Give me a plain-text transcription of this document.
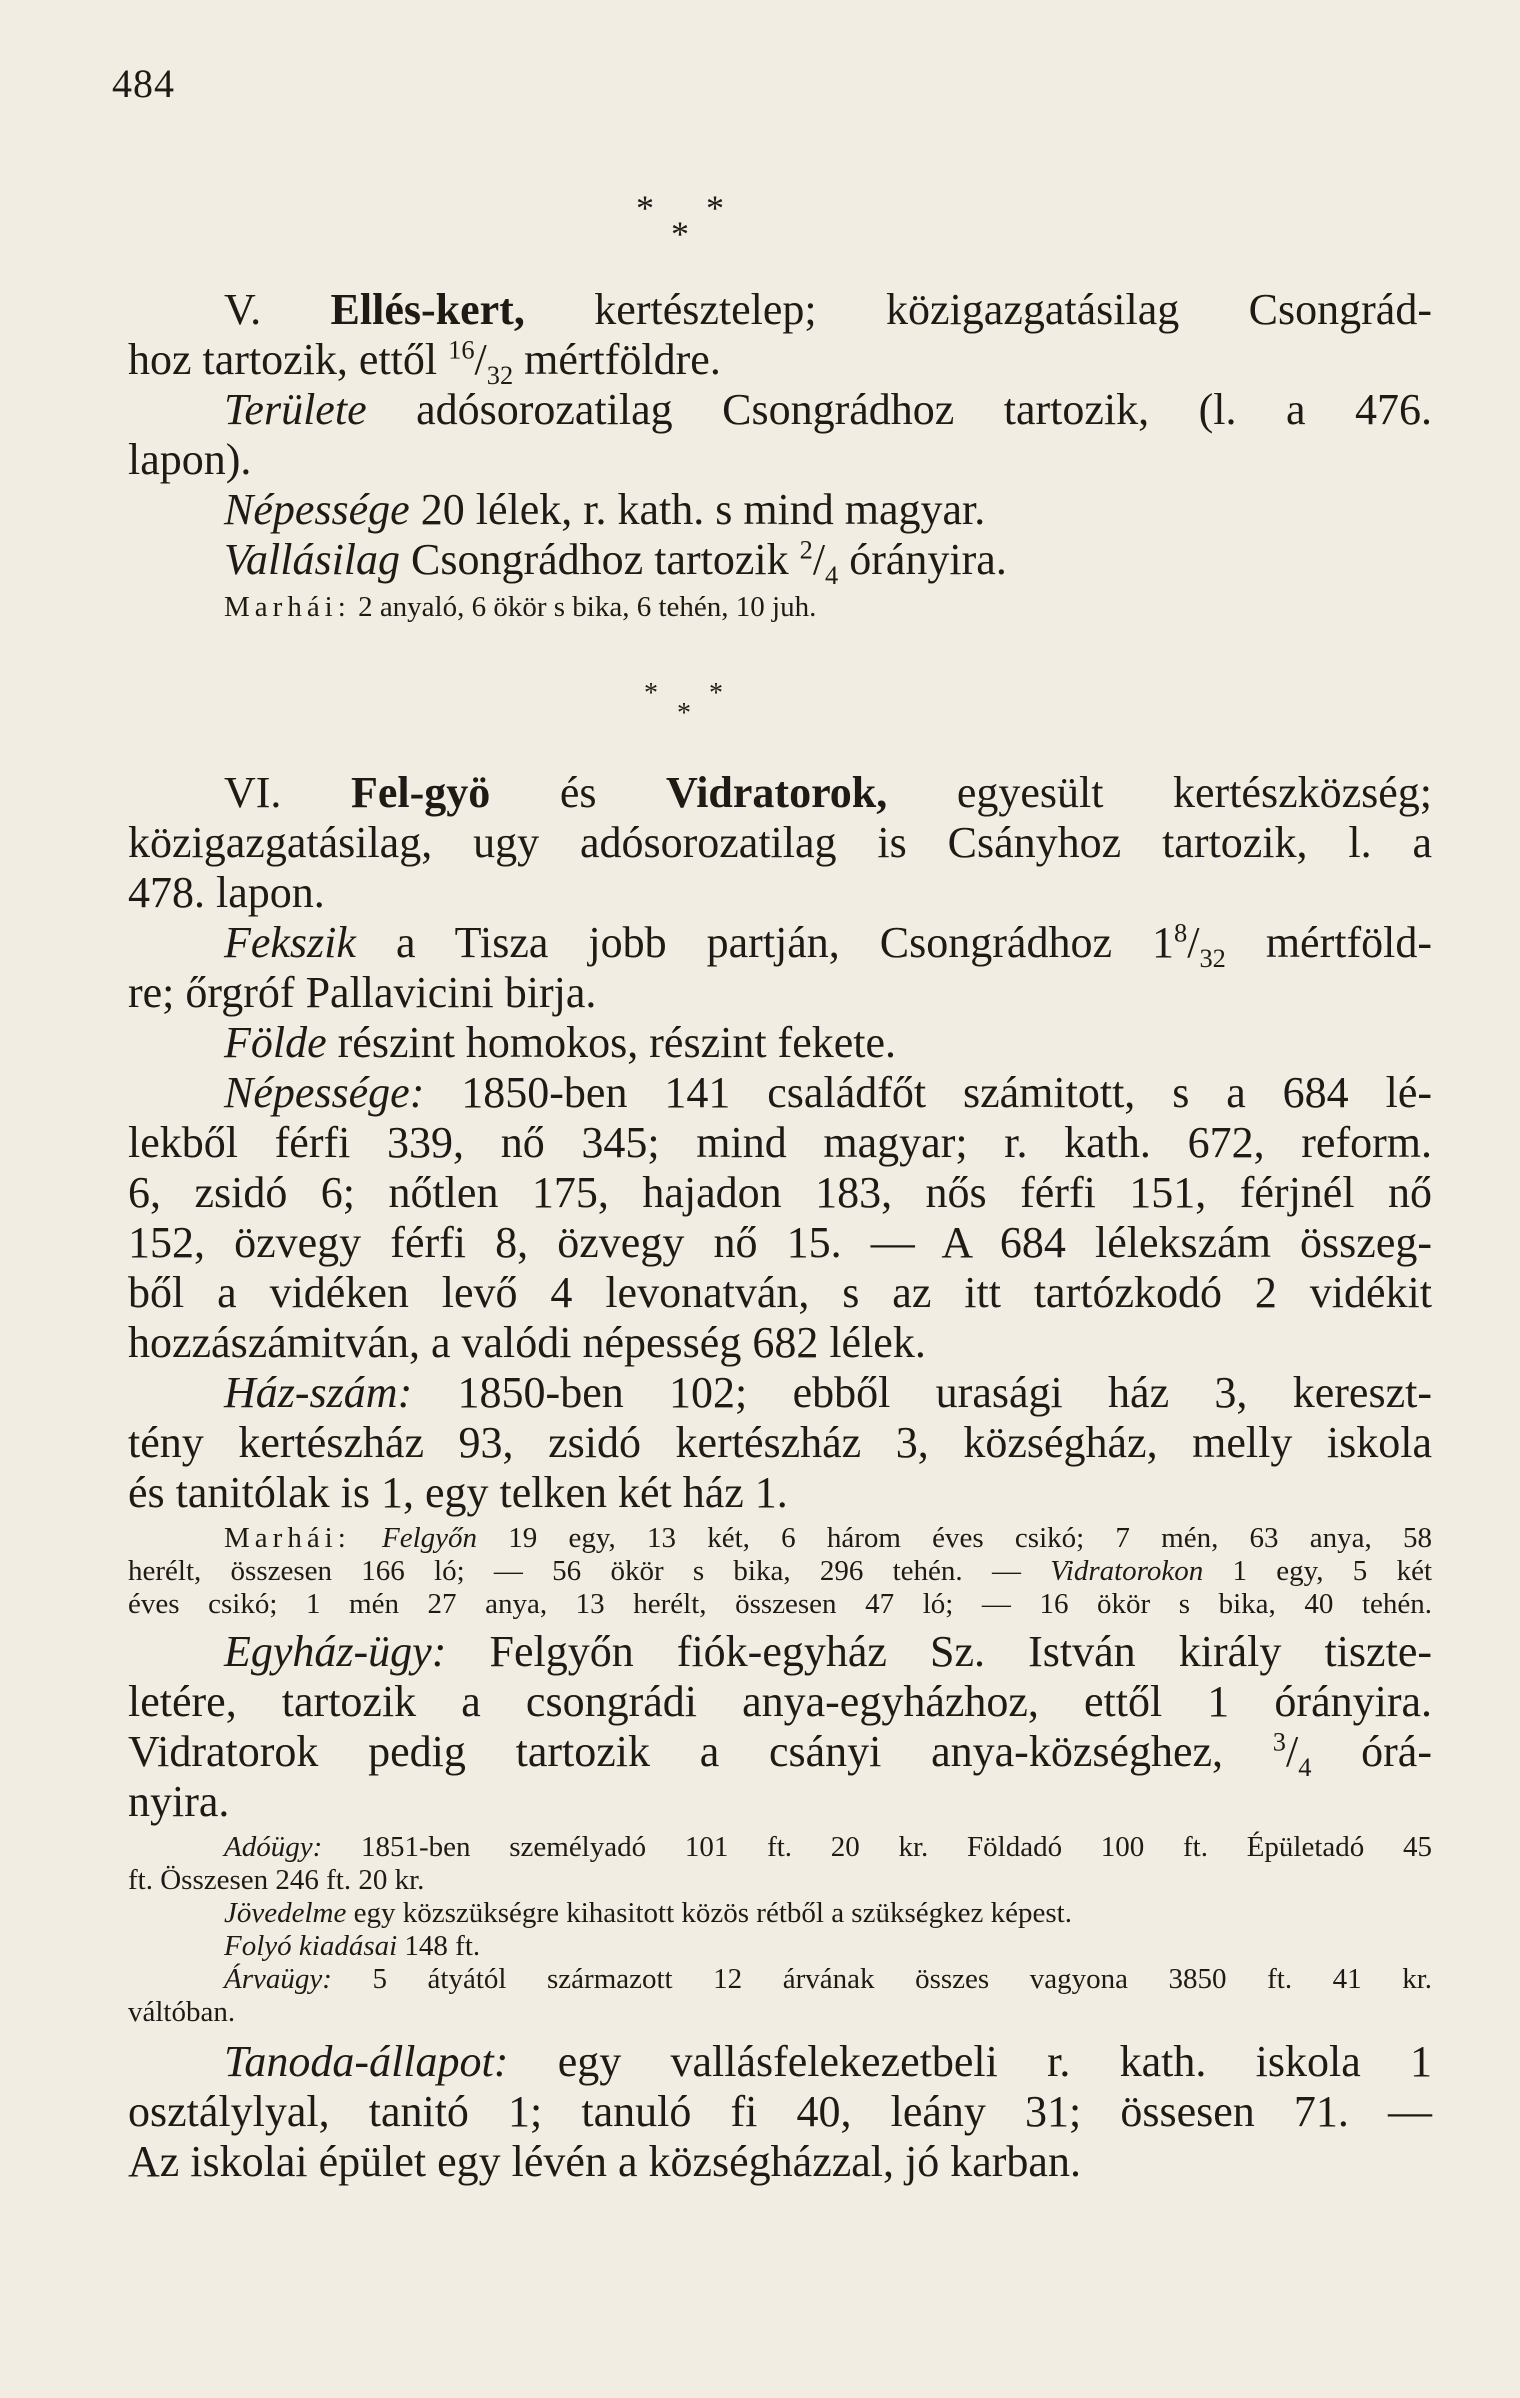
484
* *
*
V. Ellés-kert, kertésztelep; közigazgatásilag Csongrád-
hoz tartozik, ettől $^{16}/_{32}$ mértföldre.
Területe adósorozatilag Csongrádhoz tartozik, (l. a 476.
lapon).
Népessége 20 lélek, r. kath. s mind magyar.
Vallásilag Csongrádhoz tartozik $^2/_4$ órányira.
Marhái: 2 anyaló, 6 ökör s bika, 6 tehén, 10 juh.
* *
*
VI. Fel-gyö és Vidratorok, egyesült kertészközség;
közigazgatásilag, ugy adósorozatilag is Csányhoz tartozik, l. a
478. lapon.
Fekszik a Tisza jobb partján, Csongrádhoz $1^8/_{32}$ mértföld-
re; őrgróf Pallavicini birja.
Földe részint homokos, részint fekete.
Népessége: 1850-ben 141 családfőt számitott, s a 684 lé-
lekből férfi 339, nő 345; mind magyar; r. kath. 672, reform.
6, zsidó 6; nőtlen 175, hajadon 183, nős férfi 151, férjnél nő
152, özvegy férfi 8, özvegy nő 15. — A 684 lélekszám összeg-
ből a vidéken levő 4 levonatván, s az itt tartózkodó 2 vidékit
hozzászámitván, a valódi népesség 682 lélek.
Ház-szám: 1850-ben 102; ebből urasági ház 3, kereszt-
tény kertészház 93, zsidó kertészház 3, községház, melly iskola
és tanitólak is 1, egy telken két ház 1.
Marhái: Felgyőn 19 egy, 13 két, 6 három éves csikó; 7 mén, 63 anya, 58
herélt, összesen 166 ló; — 56 ökör s bika, 296 tehén. — Vidratorokon 1 egy, 5 két
éves csikó; 1 mén 27 anya, 13 herélt, összesen 47 ló; — 16 ökör s bika, 40 tehén.
Egyház-ügy: Felgyőn fiók-egyház Sz. István király tiszte-
letére, tartozik a csongrádi anya-egyházhoz, ettől 1 órányira.
Vidratorok pedig tartozik a csányi anya-községhez, $^3/_4$ órá-
nyira.
Adóügy: 1851-ben személyadó 101 ft. 20 kr. Földadó 100 ft. Épületadó 45
ft. Összesen 246 ft. 20 kr.
Jövedelme egy közszükségre kihasitott közös rétből a szükségkez képest.
Folyó kiadásai 148 ft.
Árvaügy: 5 átyától származott 12 árvának összes vagyona 3850 ft. 41 kr.
váltóban.
Tanoda-állapot: egy vallásfelekezetbeli r. kath. iskola 1
osztálylyal, tanitó 1; tanuló fi 40, leány 31; össesen 71. —
Az iskolai épület egy lévén a községházzal, jó karban.
